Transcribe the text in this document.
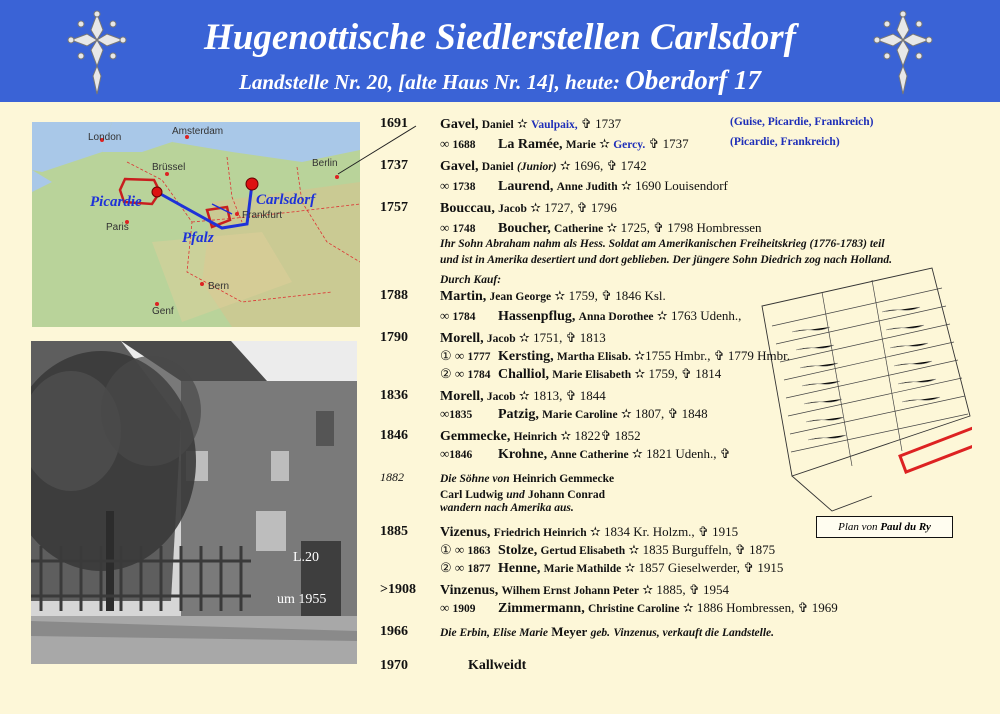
Hugenottische Siedlerstellen Carlsdorf
Landstelle Nr. 20, [alte Haus Nr. 14], heute: Oberdorf 17
London
Amsterdam
Berlin
Brüssel
Carlsdorf
Picardie
Paris
Frankfurt
Pfalz
Bern
Genf
L.20
um 1955
Plan von Paul du Ry
1691 Gavel, Daniel ✫ Vaulpaix, ✞ 1737	(Guise, Picardie, Frankreich)
∞ 1688 La Ramée, Marie ✫ Gercy. ✞ 1737	(Picardie, Frankreich)
1737 Gavel, Daniel (Junior) ✫ 1696, ✞ 1742
∞ 1738 Laurend, Anne Judith ✫ 1690 Louisendorf
1757 Bouccau, Jacob ✫ 1727, ✞ 1796
∞ 1748 Boucher, Catherine ✫ 1725, ✞ 1798 Hombressen
Ihr Sohn Abraham nahm als Hess. Soldat am Amerikanischen Freiheitskrieg (1776-1783) teil
und ist in Amerika desertiert und dort geblieben. Der jüngere Sohn Diedrich zog nach Holland.
Durch Kauf:
1788 Martin, Jean George ✫ 1759, ✞ 1846 Ksl.
∞ 1784 Hassenpflug, Anna Dorothee ✫ 1763 Udenh.,
1790 Morell, Jacob ✫ 1751, ✞ 1813
① ∞ 1777 Kersting, Martha Elisab. ✫1755 Hmbr., ✞ 1779 Hmbr.
② ∞ 1784 Challiol, Marie Elisabeth ✫ 1759, ✞ 1814
1836 Morell, Jacob ✫ 1813, ✞ 1844
∞1835 Patzig, Marie Caroline ✫ 1807, ✞ 1848
1846 Gemmecke, Heinrich ✫ 1822✞ 1852
∞1846 Krohne, Anne Catherine ✫ 1821 Udenh., ✞
1882	Die Söhne von Heinrich Gemmecke
Carl Ludwig und Johann Conrad
wandern nach Amerika aus.
1885 Vizenus, Friedrich Heinrich ✫ 1834 Kr. Holzm., ✞ 1915
① ∞ 1863 Stolze, Gertud Elisabeth ✫ 1835 Burguffeln, ✞ 1875
② ∞ 1877 Henne, Marie Mathilde ✫ 1857 Gieselwerder, ✞ 1915
>1908 Vinzenus, Wilhem Ernst Johann Peter ✫ 1885, ✞ 1954
∞ 1909 Zimmermann, Christine Caroline ✫ 1886 Hombressen, ✞ 1969
1966	Die Erbin, Elise Marie Meyer geb. Vinzenus, verkauft die Landstelle.
1970	Kallweidt
